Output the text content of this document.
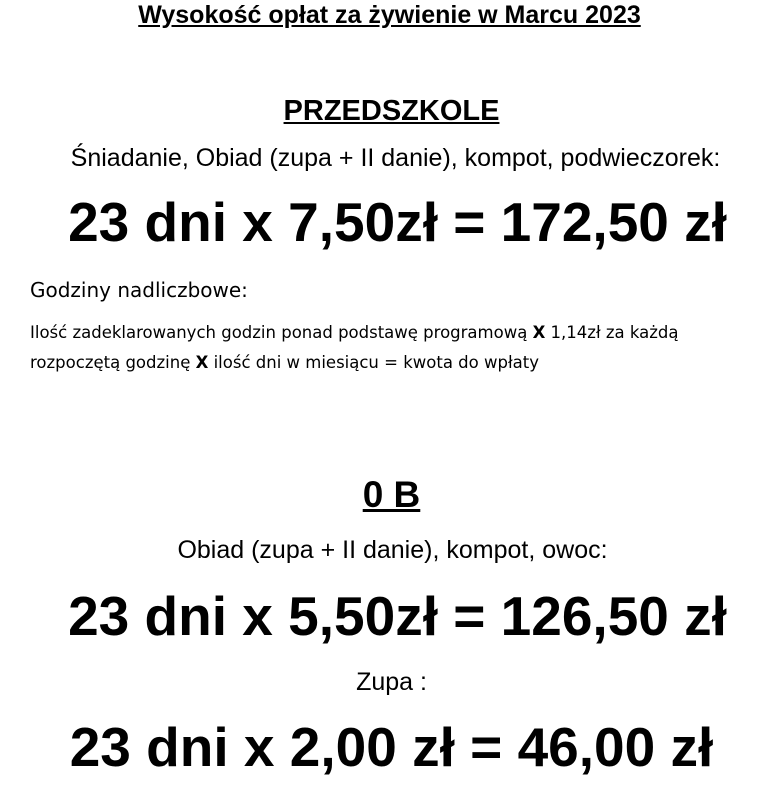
Wysokość opłat za żywienie w Marcu 2023
PRZEDSZKOLE
Śniadanie, Obiad (zupa + II danie), kompot, podwieczorek:
23 dni x 7,50zł = 172,50 zł
Godziny nadliczbowe:
Ilość zadeklarowanych godzin ponad podstawę programową X 1,14zł za każdą rozpoczętą godzinę X ilość dni w miesiącu = kwota do wpłaty
0 B
Obiad (zupa + II danie), kompot, owoc:
23 dni x 5,50zł = 126,50 zł
Zupa :
23 dni x 2,00 zł = 46,00 zł
